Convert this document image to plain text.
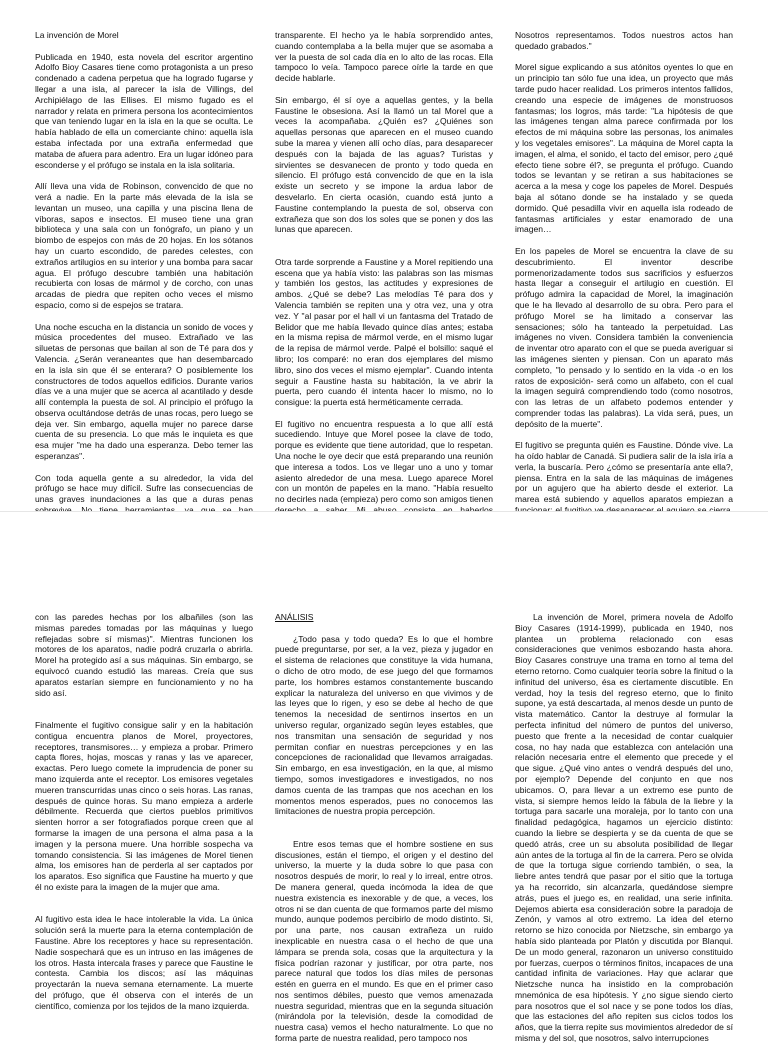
La invención de Morel

Publicada en 1940, esta novela del escritor argentino Adolfo Bioy Casares tiene como protagonista a un preso condenado a cadena perpetua que ha logrado fugarse y llegar a una isla, al parecer la isla de Villings, del Archipiélago de las Ellises. El mismo fugado es el narrador y relata en primera persona los acontecimientos que van teniendo lugar en la isla en la que se oculta. Le había hablado de ella un comerciante chino: aquella isla estaba infectada por una extraña enfermedad que mataba de afuera para adentro. Era un lugar idóneo para esconderse y el prófugo se instala en la isla solitaria.

Allí lleva una vida de Robinson, convencido de que no verá a nadie. En la parte más elevada de la isla se levantan un museo, una capilla y una piscina llena de víboras, sapos e insectos. El museo tiene una gran biblioteca y una sala con un fonógrafo, un piano y un biombo de espejos con más de 20 hojas. En los sótanos hay un cuarto escondido, de paredes celestes, con extraños artilugios en su interior y una bomba para sacar agua. El prófugo descubre también una habitación recubierta con losas de mármol y de corcho, con unas arcadas de piedra que repiten ocho veces el mismo espacio, como si de espejos se tratara.

Una noche escucha en la distancia un sonido de voces y música procedentes del museo. Extrañado ve las siluetas de personas que bailan al son de Té para dos y Valencia. ¿Serán veraneantes que han desembarcado en la isla sin que él se enterara? O posiblemente los constructores de todos aquellos edificios. Durante varios días ve a una mujer que se acerca al acantilado y desde allí contempla la puesta de sol. Al principio el prófugo la observa ocultándose detrás de unas rocas, pero luego se deja ver. Sin embargo, aquella mujer no parece darse cuenta de su presencia. Lo que más le inquieta es que esa mujer "me ha dado una esperanza. Debo temer las esperanzas".

Con toda aquella gente a su alrededor, la vida del prófugo se hace muy difícil. Sufre las consecuencias de unas graves inundaciones a las que a duras penas

transparente. El hecho ya le había sorprendido antes, cuando contemplaba a la bella mujer que se asomaba a ver la puesta de sol cada día en lo alto de las rocas. Ella tampoco lo veía. Tampoco parece oírle la tarde en que decide hablarle.

Sin embargo, él sí oye a aquellas gentes, y la bella Faustine le obsesiona. Así la llamó un tal Morel que a veces la acompañaba. ¿Quién es? ¿Quiénes son aquellas personas que aparecen en el museo cuando sube la marea y vienen allí ocho días, para desaparecer después con la bajada de las aguas? Turistas y sirvientes se desvanecen de pronto y todo queda en silencio. El prófugo está convencido de que en la isla existe un secreto y se impone la ardua labor de desvelarlo. En cierta ocasión, cuando está junto a Faustine contemplando la puesta de sol, observa con extrañeza que son dos los soles que se ponen y dos las lunas que aparecen.

Otra tarde sorprende a Faustine y a Morel repitiendo una escena que ya había visto: las palabras son las mismas y también los gestos, las actitudes y expresiones de ambos. ¿Qué se debe? Las melodías Té para dos y Valencia también se repiten una y otra vez, una y otra vez. Y "al pasar por el hall vi un fantasma del Tratado de Belidor que me había llevado quince días antes; estaba en la misma repisa de mármol verde, en el mismo lugar de la repisa de mármol verde. Palpé el bolsillo: saqué el libro; los comparé: no eran dos ejemplares del mismo libro, sino dos veces el mismo ejemplar". Cuando intenta seguir a Faustine hasta su habitación, la ve abrir la puerta, pero cuando él intenta hacer lo mismo, no lo consigue: la puerta está herméticamente cerrada.

El fugitivo no encuentra respuesta a lo que allí está sucediendo. Intuye que Morel posee la clave de todo, porque es evidente que tiene autoridad, que lo respetan. Una noche le oye decir que está preparando una reunión que interesa a todos. Los ve llegar uno a uno y tomar asiento alrededor de una mesa. Luego aparece Morel con un montón de papeles en la mano. "Había resuelto no decirles nada (empieza) pero como son amigos tienen

Nosotros representamos. Todos nuestros actos han quedado grabados."

Morel sigue explicando a sus atónitos oyentes lo que en un principio tan sólo fue una idea, un proyecto que más tarde pudo hacer realidad. Los primeros intentos fallidos, creando una especie de imágenes de monstruosos fantasmas; los logros, más tarde: "La hipótesis de que las imágenes tengan alma parece confirmada por los efectos de mi máquina sobre las personas, los animales y los vegetales emisores". La máquina de Morel capta la imagen, el alma, el sonido, el tacto del emisor, pero ¿qué efecto tiene sobre él?, se pregunta el prófugo. Cuando todos se levantan y se retiran a sus habitaciones se acerca a la mesa y coge los papeles de Morel. Después baja al sótano donde se ha instalado y se queda dormido. Qué pesadilla vivir en aquella isla rodeado de fantasmas artificiales y estar enamorado de una imagen…

En los papeles de Morel se encuentra la clave de su descubrimiento. El inventor describe pormenorizadamente todos sus sacrificios y esfuerzos hasta llegar a conseguir el artilugio en cuestión. El prófugo admira la capacidad de Morel, la imaginación que le ha llevado al desarrollo de su obra. Pero para el prófugo Morel se ha limitado a conservar las sensaciones; sólo ha tanteado la perpetuidad. Las imágenes no viven. Considera también la conveniencia de inventar otro aparato con el que se pueda averiguar si las imágenes sienten y piensan. Con un aparato más completo, "lo pensado y lo sentido en la vida -o en los ratos de exposición- será como un alfabeto, con el cual la imagen seguirá comprendiendo todo (como nosotros, con las letras de un alfabeto podemos entender y comprender todas las palabras). La vida será, pues, un depósito de la muerte".

El fugitivo se pregunta quién es Faustine. Dónde vive. La ha oído hablar de Canadá. Si pudiera salir de la isla iría a verla, la buscaría. Pero ¿cómo se presentaría ante ella?, piensa. Entra en la sala de las máquinas de imágenes por un agujero que ha abierto desde el exterior. La marea está subiendo y aquellos aparatos empiezan a

con las paredes hechas por los albañiles (son las mismas paredes tomadas por las máquinas y luego reflejadas sobre sí mismas)". Mientras funcionen los motores de los aparatos, nadie podrá cruzarla o abrirla. Morel ha protegido así a sus máquinas. Sin embargo, se equivocó cuando estudió las mareas. Creía que sus aparatos estarían siempre en funcionamiento y no ha sido así.

Finalmente el fugitivo consigue salir y en la habitación contigua encuentra planos de Morel, proyectores, receptores, transmisores… y empieza a probar. Primero capta flores, hojas, moscas y ranas y las ve aparecer, exactas. Pero luego comete la imprudencia de poner su mano izquierda ante el receptor. Los emisores vegetales mueren transcurridas unas cinco o seis horas. Las ranas, después de quince horas. Su mano empieza a arderle débilmente. Recuerda que ciertos pueblos primitivos sienten horror a ser fotografiados porque creen que al formarse la imagen de una persona el alma pasa a la imagen y la persona muere. Una horrible sospecha va tomando consistencia. Si las imágenes de Morel tienen alma, los emisores han de perderla al ser captados por los aparatos. Eso significa que Faustine ha muerto y que él no existe para la imagen de la mujer que ama.

Al fugitivo esta idea le hace intolerable la vida. La única solución será la muerte para la eterna contemplación de Faustine. Abre los receptores y hace su representación. Nadie sospechará que es un intruso en las imágenes de los otros. Hasta intercala frases y parece que Faustine le contesta. Cambia los discos; así las máquinas proyectarán la nueva semana eternamente. La muerte del prófugo, que él observa con el interés de un científico, comienza por los tejidos de la mano izquierda.

ANÁLISIS

¿Todo pasa y todo queda? Es lo que el hombre puede preguntarse, por ser, a la vez, pieza y jugador en el sistema de relaciones que constituye la vida humana, o dicho de otro modo, de ese juego del que formamos parte, los hombres estamos constantemente buscando explicar la naturaleza del universo en que vivimos y de las leyes que lo rigen, y eso se debe al hecho de que tenemos la necesidad de sentirnos insertos en un universo regular, organizado según leyes estables, que nos transmitan una sensación de seguridad y nos permitan confiar en nuestras percepciones y en las concepciones de racionalidad que llevamos arraigadas. Sin embargo, en esa investigación, en la que, al mismo tiempo, somos investigadores e investigados, no nos damos cuenta de las trampas que nos acechan en los momentos menos esperados, pues no conocemos las limitaciones de nuestra propia percepción.

Entre esos temas que el hombre sostiene en sus discusiones, están el tiempo, el origen y el destino del universo, la muerte y la duda sobre lo que pasa con nosotros después de morir, lo real y lo irreal, entre otros. De manera general, queda incómoda la idea de que nuestra existencia es inexorable y de que, a veces, los otros ni se dan cuenta de que formamos parte del mismo mundo, aunque podemos percibirlo de modo distinto. Si, por una parte, nos causan extrañeza un ruido inexplicable en nuestra casa o el hecho de que una lámpara se prenda sola, cosas que la arquitectura y la física podrían razonar y justificar, por otra parte, nos parece natural que todos los días miles de personas estén en guerra en el mundo. Es que en el primer caso nos sentimos débiles, puesto que vemos amenazada nuestra seguridad, mientras que en la segunda situación (mirándola por la televisión, desde la comodidad de nuestra casa) vemos el hecho naturalmente. Lo que no forma parte de nuestra realidad, pero tampoco nos

La invención de Morel, primera novela de Adolfo Bioy Casares (1914-1999), publicada en 1940, nos plantea un problema relacionado con esas consideraciones que venimos esbozando hasta ahora. Bioy Casares construye una trama en torno al tema del eterno retorno. Como cualquier teoría sobre la finitud o la infinitud del universo, ésa es ciertamente discutible. En verdad, hoy la tesis del regreso eterno, que lo finito supone, ya está descartada, al menos desde un punto de vista matemático. Cantor la destruye al formular la perfecta infinitud del número de puntos del universo, puesto que frente a la necesidad de contar cualquier cosa, no hay nada que establezca con antelación una relación necesaria entre el elemento que precede y el que sigue. ¿Qué vino antes o vendrá después del uno, por ejemplo? Depende del conjunto en que nos ubicamos. O, para llevar a un extremo ese punto de vista, si siempre hemos leído la fábula de la liebre y la tortuga para sacarle una moraleja, por lo tanto con una finalidad pedagógica, hagamos un ejercicio distinto: cuando la liebre se despierta y se da cuenta de que se quedó atrás, cree un su absoluta posibilidad de llegar aún antes de la tortuga al fin de la carrera. Pero se olvida de que la tortuga sigue corriendo también, o sea, la liebre antes tendrá que pasar por el sitio que la tortuga ya ha recorrido, sin alcanzarla, quedándose siempre atrás, pues el juego es, en realidad, una serie infinita. Dejemos abierta esa consideración sobre la paradoja de Zenón, y vamos al otro extremo. La idea del eterno retorno se hizo conocida por Nietzsche, sin embargo ya había sido planteada por Platón y discutida por Blanqui. De un modo general, razonaron un universo constituido por fuerzas, cuerpos o términos finitos, incapaces de una cantidad infinita de variaciones. Hay que aclarar que Nietzsche nunca ha insistido en la comprobación mnemónica de esa hipótesis. Y ¿no sigue siendo cierto para nosotros que el sol nace y se pone todos los días, que las estaciones del año repiten sus ciclos todos los años, que la tierra repite sus movimientos alrededor de sí misma y del sol, que nosotros, salvo interrupciones
